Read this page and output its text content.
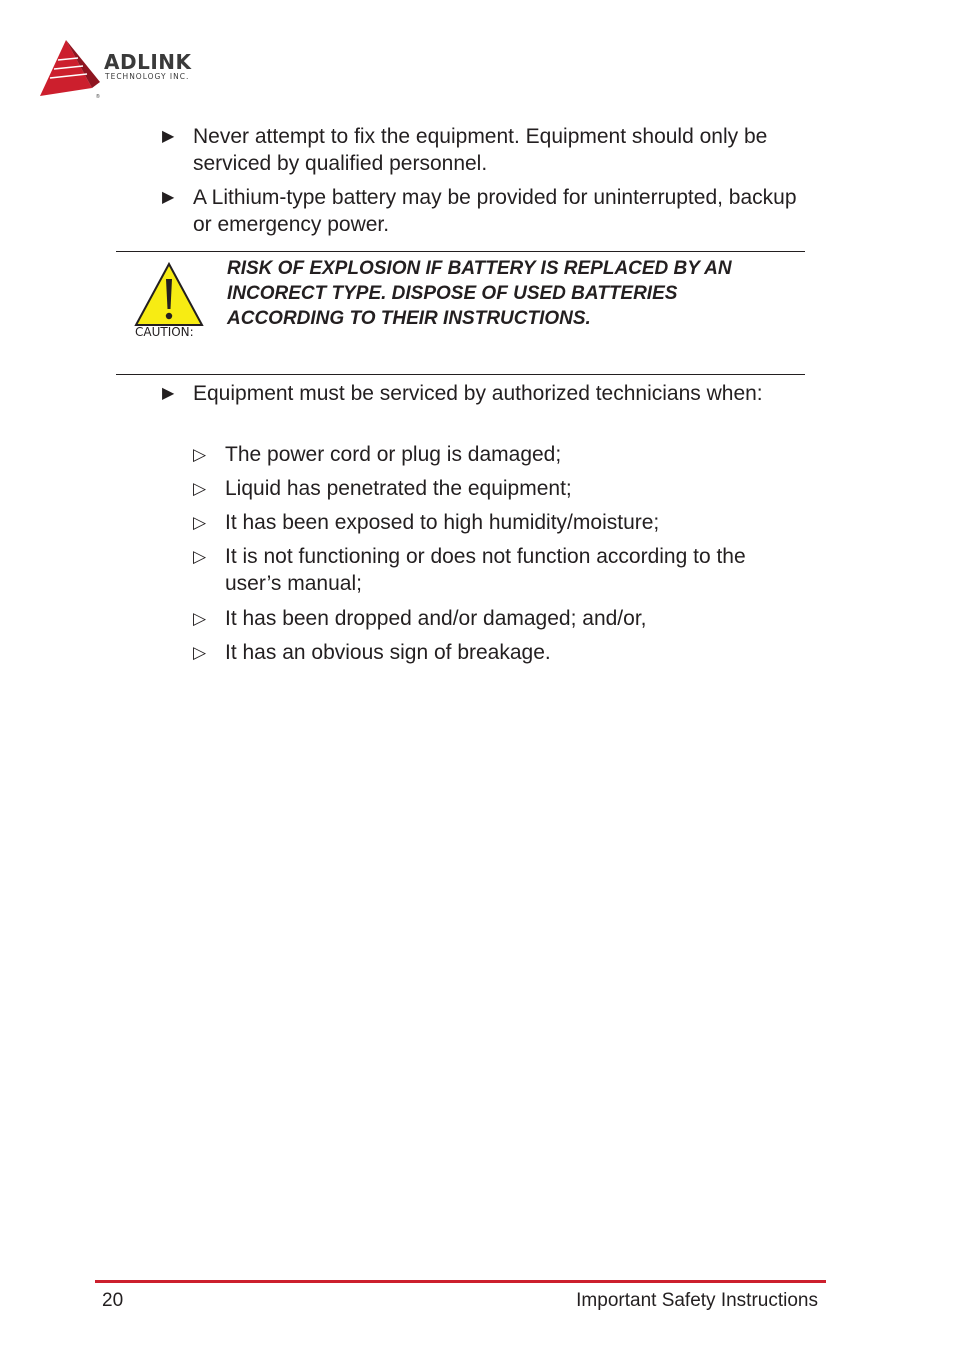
®
ADLINK
TECHNOLOGY INC.
▶ Never attempt to fix the equipment. Equipment should only be serviced by qualified personnel.
▶ A Lithium-type battery may be provided for uninterrupted, backup or emergency power.
CAUTION:
RISK OF EXPLOSION IF BATTERY IS REPLACED BY AN INCORECT TYPE. DISPOSE OF USED BATTERIES ACCORDING TO THEIR INSTRUCTIONS.
▶ Equipment must be serviced by authorized technicians when:
▷ The power cord or plug is damaged;
▷ Liquid has penetrated the equipment;
▷ It has been exposed to high humidity/moisture;
▷ It is not functioning or does not function according to the user’s manual;
▷ It has been dropped and/or damaged; and/or,
▷ It has an obvious sign of breakage.
20	Important Safety Instructions
